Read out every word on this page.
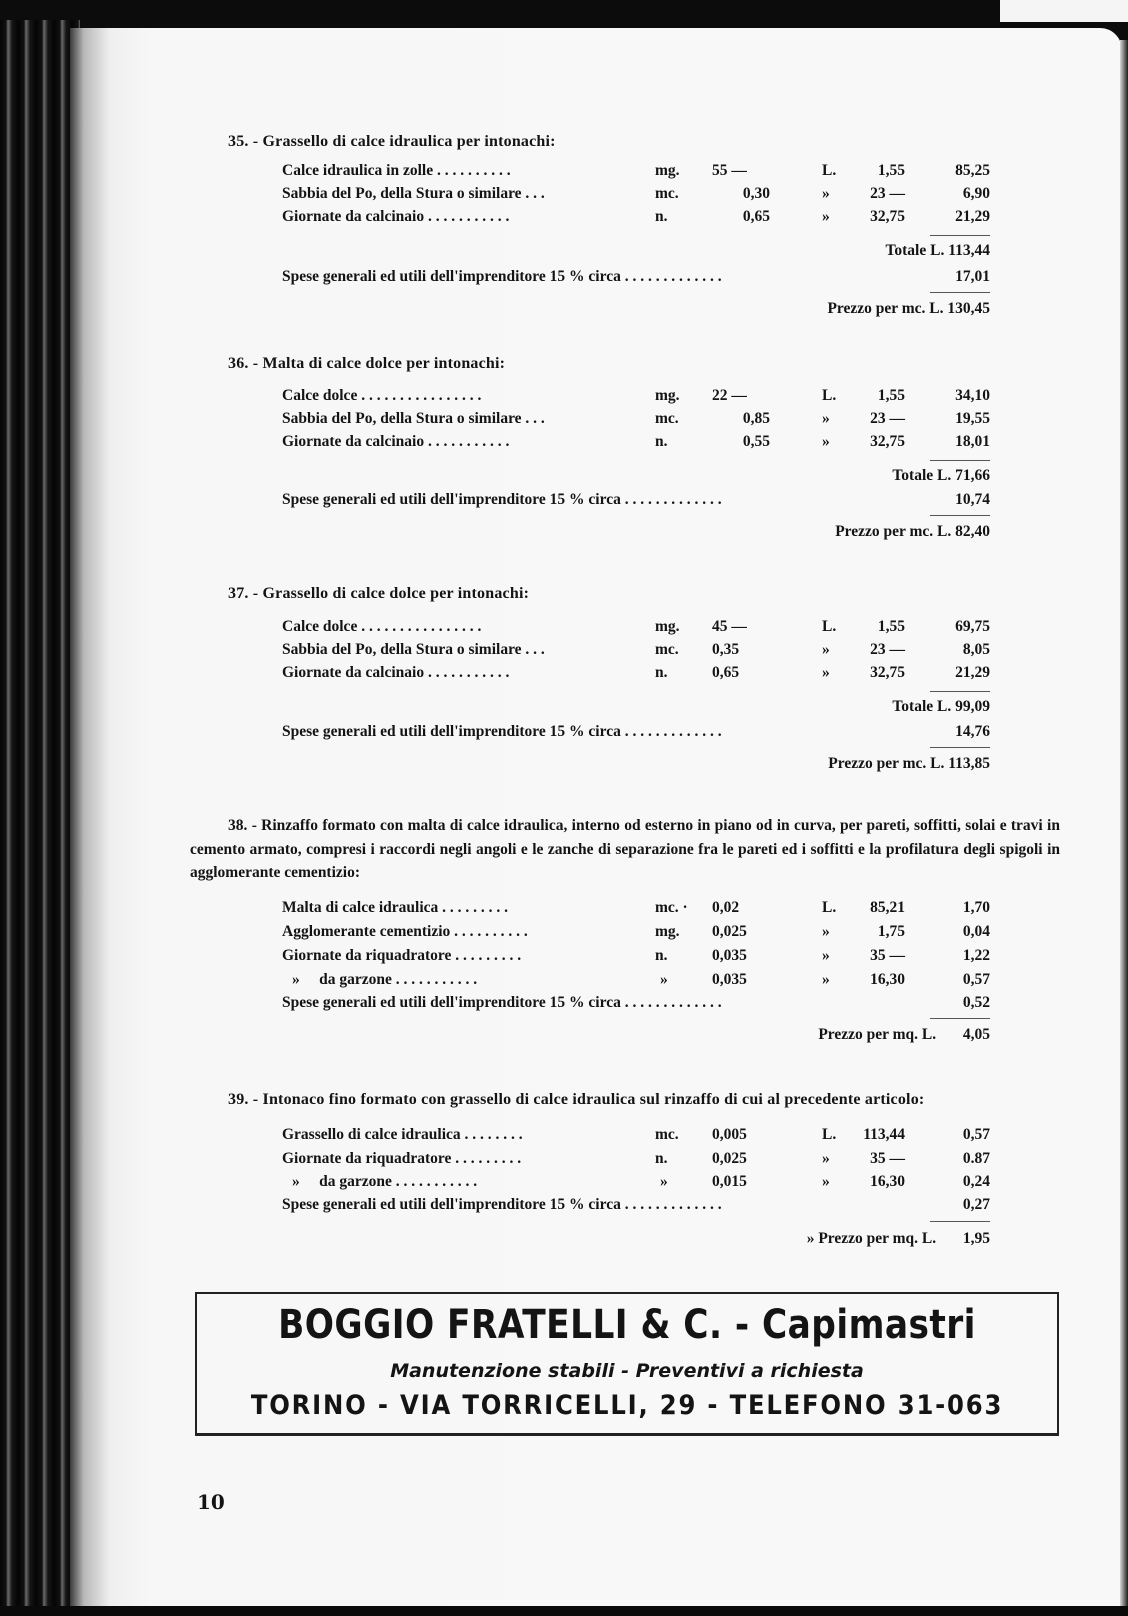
35. - Grassello di calce idraulica per intonachi:
Calce idraulica in zolle . . . . . . . . . .	mg. 55 —	L.	1,55	85,25
Sabbia del Po, della Stura o similare . . .	mc.	0,30	»	23 —	6,90
Giornate da calcinaio . . . . . . . . . . .	n.	0,65	»	32,75	21,29
Totale L. 113,44
Spese generali ed utili dell'imprenditore 15 % circa . . . . . . . . . . . . .	17,01
Prezzo per mc. L. 130,45
36. - Malta di calce dolce per intonachi:
Calce dolce . . . . . . . . . . . . . . . .	mg. 22 —	L.	1,55	34,10
Sabbia del Po, della Stura o similare . . .	mc.	0,85	»	23 —	19,55
Giornate da calcinaio . . . . . . . . . . .	n.	0,55	»	32,75	18,01
Totale L. 71,66
Spese generali ed utili dell'imprenditore 15 % circa . . . . . . . . . . . . .	10,74
Prezzo per mc. L. 82,40
37. - Grassello di calce dolce per intonachi:
Calce dolce . . . . . . . . . . . . . . . .	mg. 45 —	L.	1,55	69,75
Sabbia del Po, della Stura o similare . . .	mc. 0,35	»	23 —	8,05
Giornate da calcinaio . . . . . . . . . . .	n.	0,65	»	32,75	21,29
Totale L. 99,09
Spese generali ed utili dell'imprenditore 15 % circa . . . . . . . . . . . . .	14,76
Prezzo per mc. L. 113,85
38. - Rinzaffo formato con malta di calce idraulica, interno od esterno in piano od in curva, per pareti, soffitti, solai e travi in cemento armato, compresi i raccordi negli angoli e le zanche di separazione fra le pareti ed i soffitti e la profilatura degli spigoli in agglomerante cementizio:
Malta di calce idraulica . . . . . . . . .	mc. · 0,02	L.	85,21	1,70
Agglomerante cementizio . . . . . . . . . .	mg. 0,025	»	1,75	0,04
Giornate da riquadratore . . . . . . . . .	n.	0,035	»	35 —	1,22
»     da garzone . . . . . . . . . . .	»	0,035	»	16,30	0,57
Spese generali ed utili dell'imprenditore 15 % circa . . . . . . . . . . . . .	0,52
Prezzo per mq. L. 4,05
39. - Intonaco fino formato con grassello di calce idraulica sul rinzaffo di cui al precedente articolo:
Grassello di calce idraulica . . . . . . . .	mc. 0,005	L.	113,44	0,57
Giornate da riquadratore . . . . . . . . .	n.	0,025	»	35 —	0.87
»     da garzone . . . . . . . . . . .	»	0,015	»	16,30	0,24
Spese generali ed utili dell'imprenditore 15 % circa . . . . . . . . . . . . .	0,27
» Prezzo per mq. L. 1,95
BOGGIO FRATELLI & C. - Capimastri
Manutenzione stabili - Preventivi a richiesta
TORINO - VIA TORRICELLI, 29 - TELEFONO 31-063
10
